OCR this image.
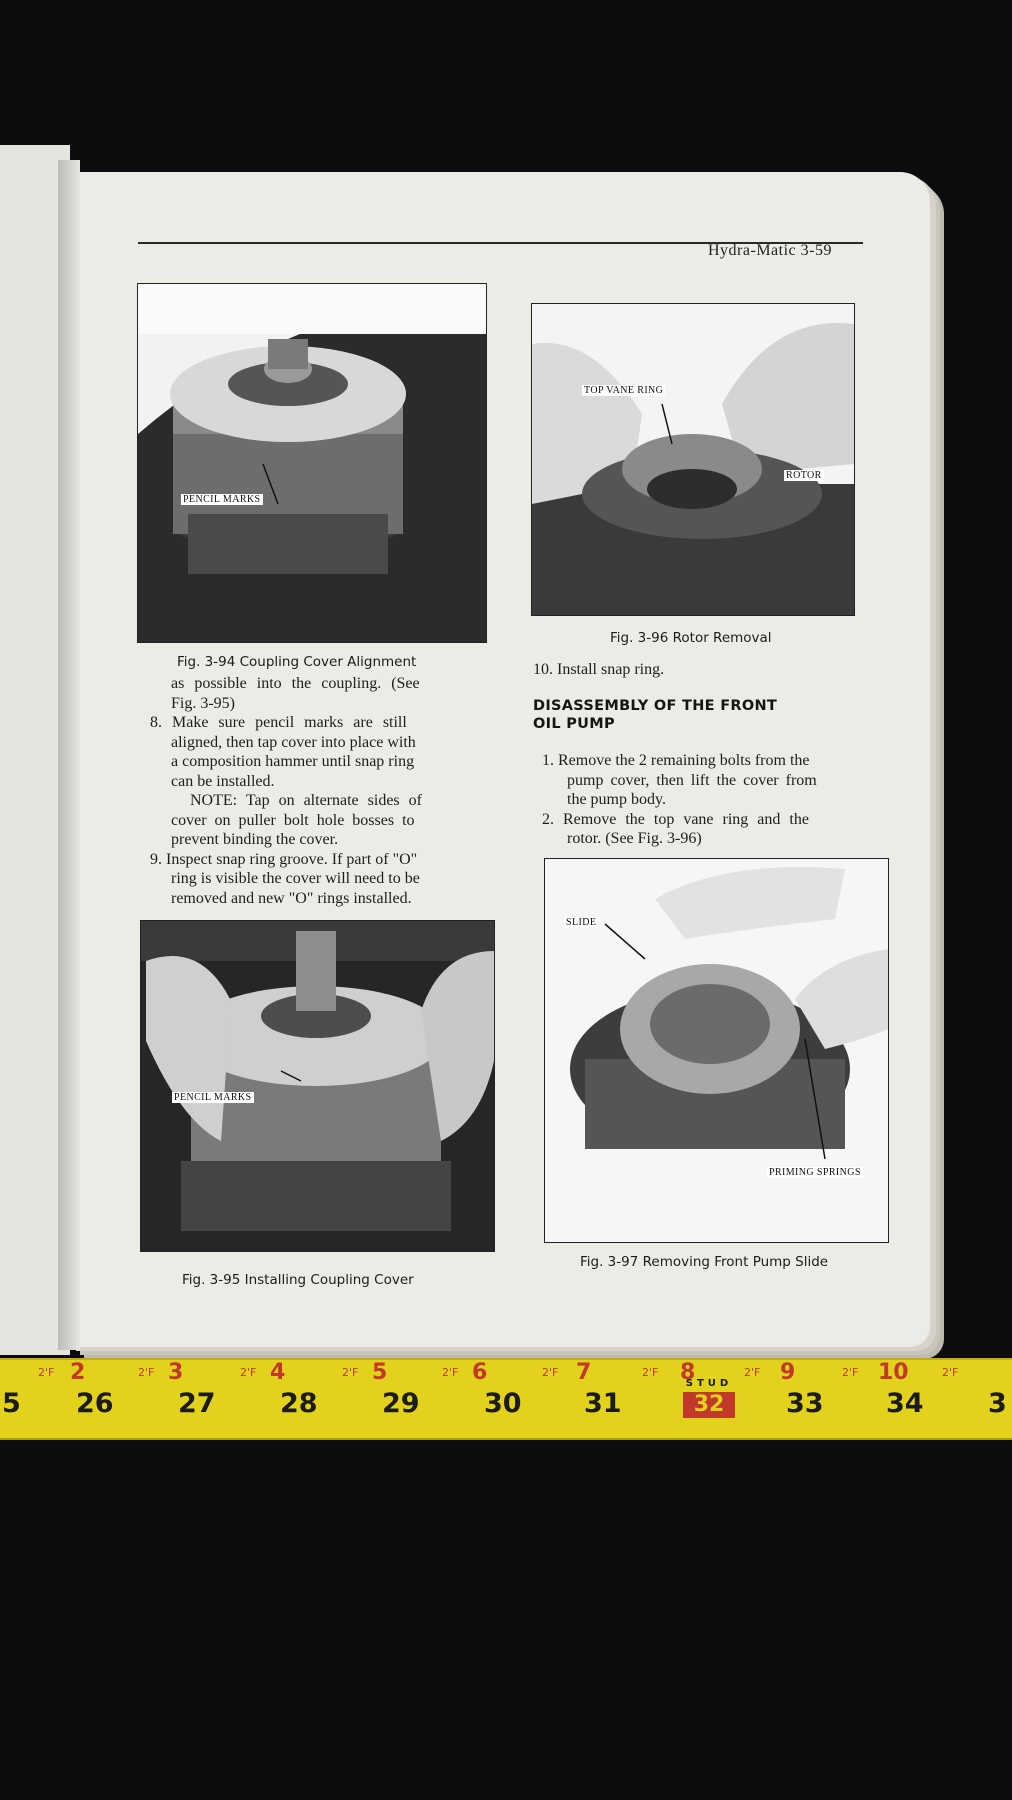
Hydra-Matic 3-59
PENCIL MARKS
Fig. 3-94 Coupling Cover Alignment

as possible into the coupling. (See

Fig. 3-95)

8. Make sure pencil marks are still

aligned, then tap cover into place with

a composition hammer until snap ring

can be installed.

NOTE: Tap on alternate sides of

cover on puller bolt hole bosses to

prevent binding the cover.

9. Inspect snap ring groove. If part of "O"

ring is visible the cover will need to be

removed and new "O" rings installed.

PENCIL MARKS
Fig. 3-95 Installing Coupling Cover
TOP VANE RING
ROTOR
Fig. 3-96 Rotor Removal
10. Install snap ring.
DISASSEMBLY OF THE FRONT
OIL PUMP

1. Remove the 2 remaining bolts from the

pump cover, then lift the cover from

the pump body.

2. Remove the top vane ring and the

rotor. (See Fig. 3-96)

SLIDE
PRIMING SPRINGS
Fig. 3-97 Removing Front Pump Slide
2'F 2	2'F 3	2'F 4	2'F 5	2'F 6	2'F 7	2'F 8	2'F 9	2'F 10	2'F
5 26 27 28 29 30 31
STUD
32	33 34 3
